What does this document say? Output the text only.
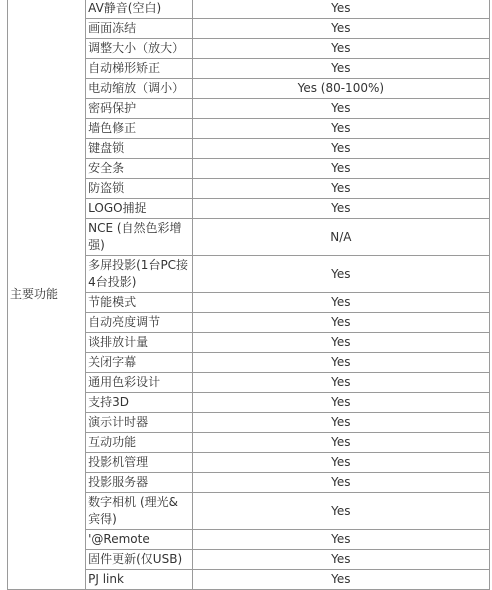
主要功能	AV静音(空白)	Yes
	画面冻结	Yes
	调整大小（放大）	Yes
	自动梯形矫正	Yes
	电动缩放（调小）	Yes (80-100%)
	密码保护	Yes
	墙色修正	Yes
	键盘锁	Yes
	安全条	Yes
	防盗锁	Yes
	LOGO捕捉	Yes
	NCE (自然色彩增强)	N/A
	多屏投影(1台PC接4台投影)	Yes
	节能模式	Yes
	自动亮度调节	Yes
	谈排放计量	Yes
	关闭字幕	Yes
	通用色彩设计	Yes
	支持3D	Yes
	演示计时器	Yes
	互动功能	Yes
	投影机管理	Yes
	投影服务器	Yes
	数字相机 (理光&宾得)	Yes
	'@Remote	Yes
	固件更新(仅USB)	Yes
	PJ link	Yes
